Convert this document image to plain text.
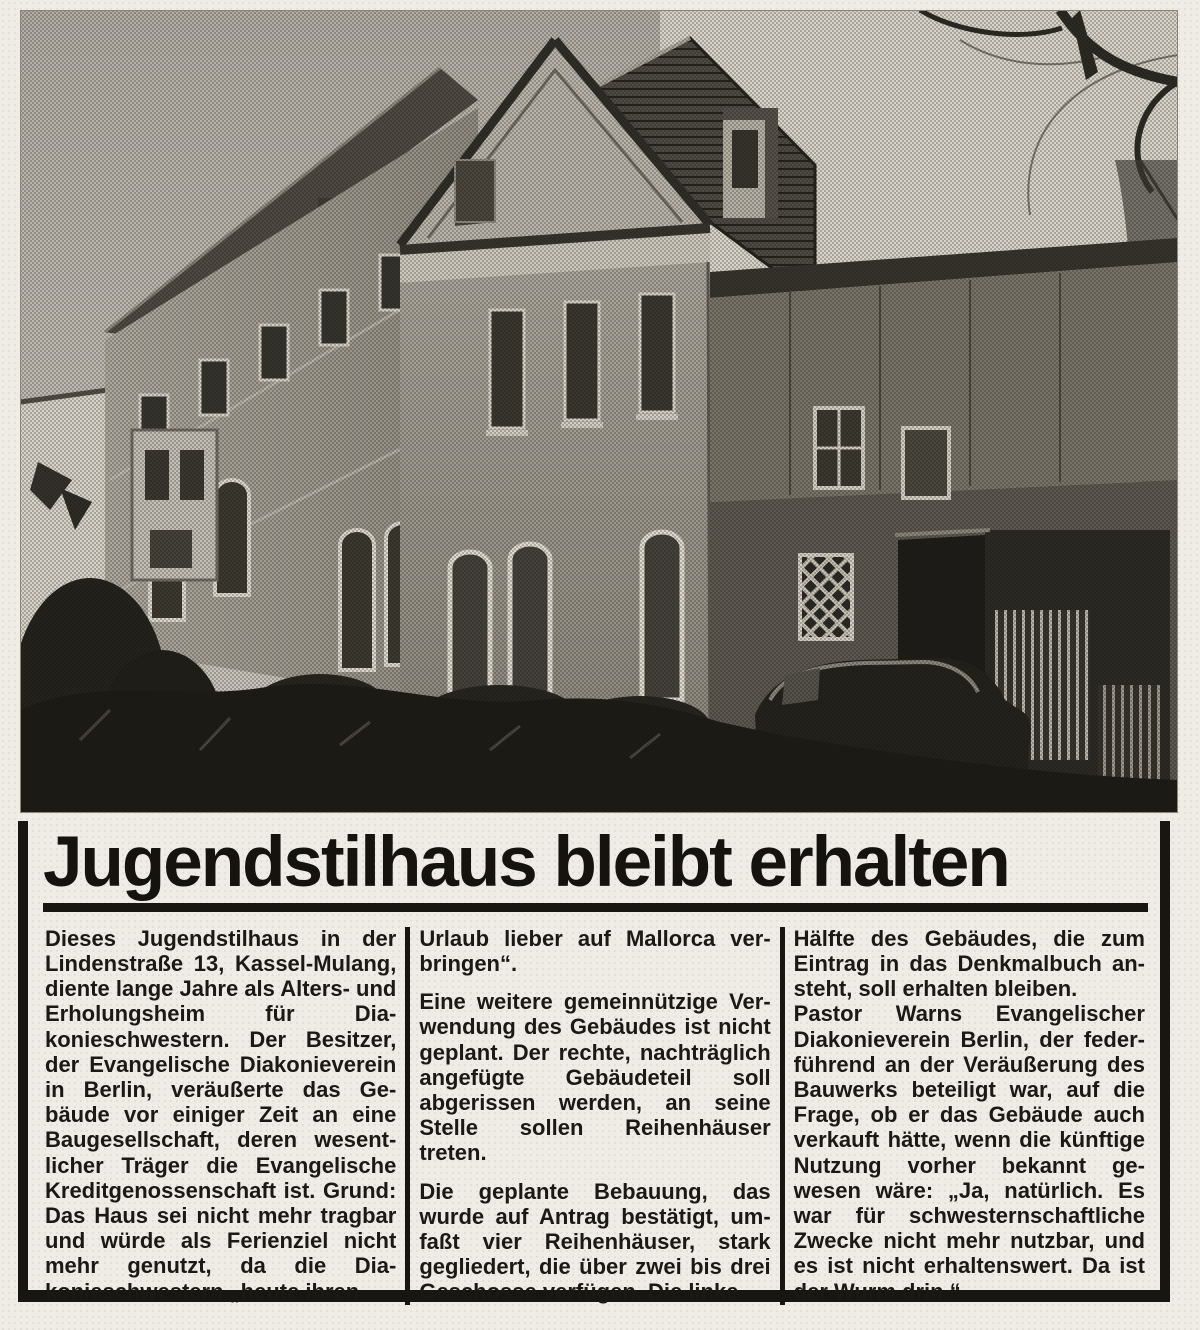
Jugendstilhaus bleibt erhalten

Dieses Jugendstilhaus in der Lindenstraße 13, Kassel-Mulang, diente lange Jahre als Alters- und Erholungsheim für Diakonieschwestern. Der Besitzer, der Evangelische Diakonieverein in Berlin, veräußerte das Gebäude vor einiger Zeit an eine Baugesellschaft, deren wesentlicher Träger die Evangelische Kreditgenossenschaft ist. Grund: Das Haus sei nicht mehr tragbar und würde als Ferienziel nicht mehr genutzt, da die Diakonieschwestern „heute ihren

Urlaub lieber auf Mallorca verbringen“.

Eine weitere gemeinnützige Verwendung des Gebäudes ist nicht geplant. Der rechte, nachträglich angefügte Gebäudeteil soll abgerissen werden, an seine Stelle sollen Reihenhäuser treten.

Die geplante Bebauung, das wurde auf Antrag bestätigt, umfaßt vier Reihenhäuser, stark gegliedert, die über zwei bis drei Geschosse verfügen. Die linke

Hälfte des Gebäudes, die zum Eintrag in das Denkmalbuch ansteht, soll erhalten bleiben.

Pastor Warns Evangelischer Diakonieverein Berlin, der federführend an der Veräußerung des Bauwerks beteiligt war, auf die Frage, ob er das Gebäude auch verkauft hätte, wenn die künftige Nutzung vorher bekannt gewesen wäre: „Ja, natürlich. Es war für schwesternschaftliche Zwecke nicht mehr nutzbar, und es ist nicht erhaltenswert. Da ist der Wurm drin.“
